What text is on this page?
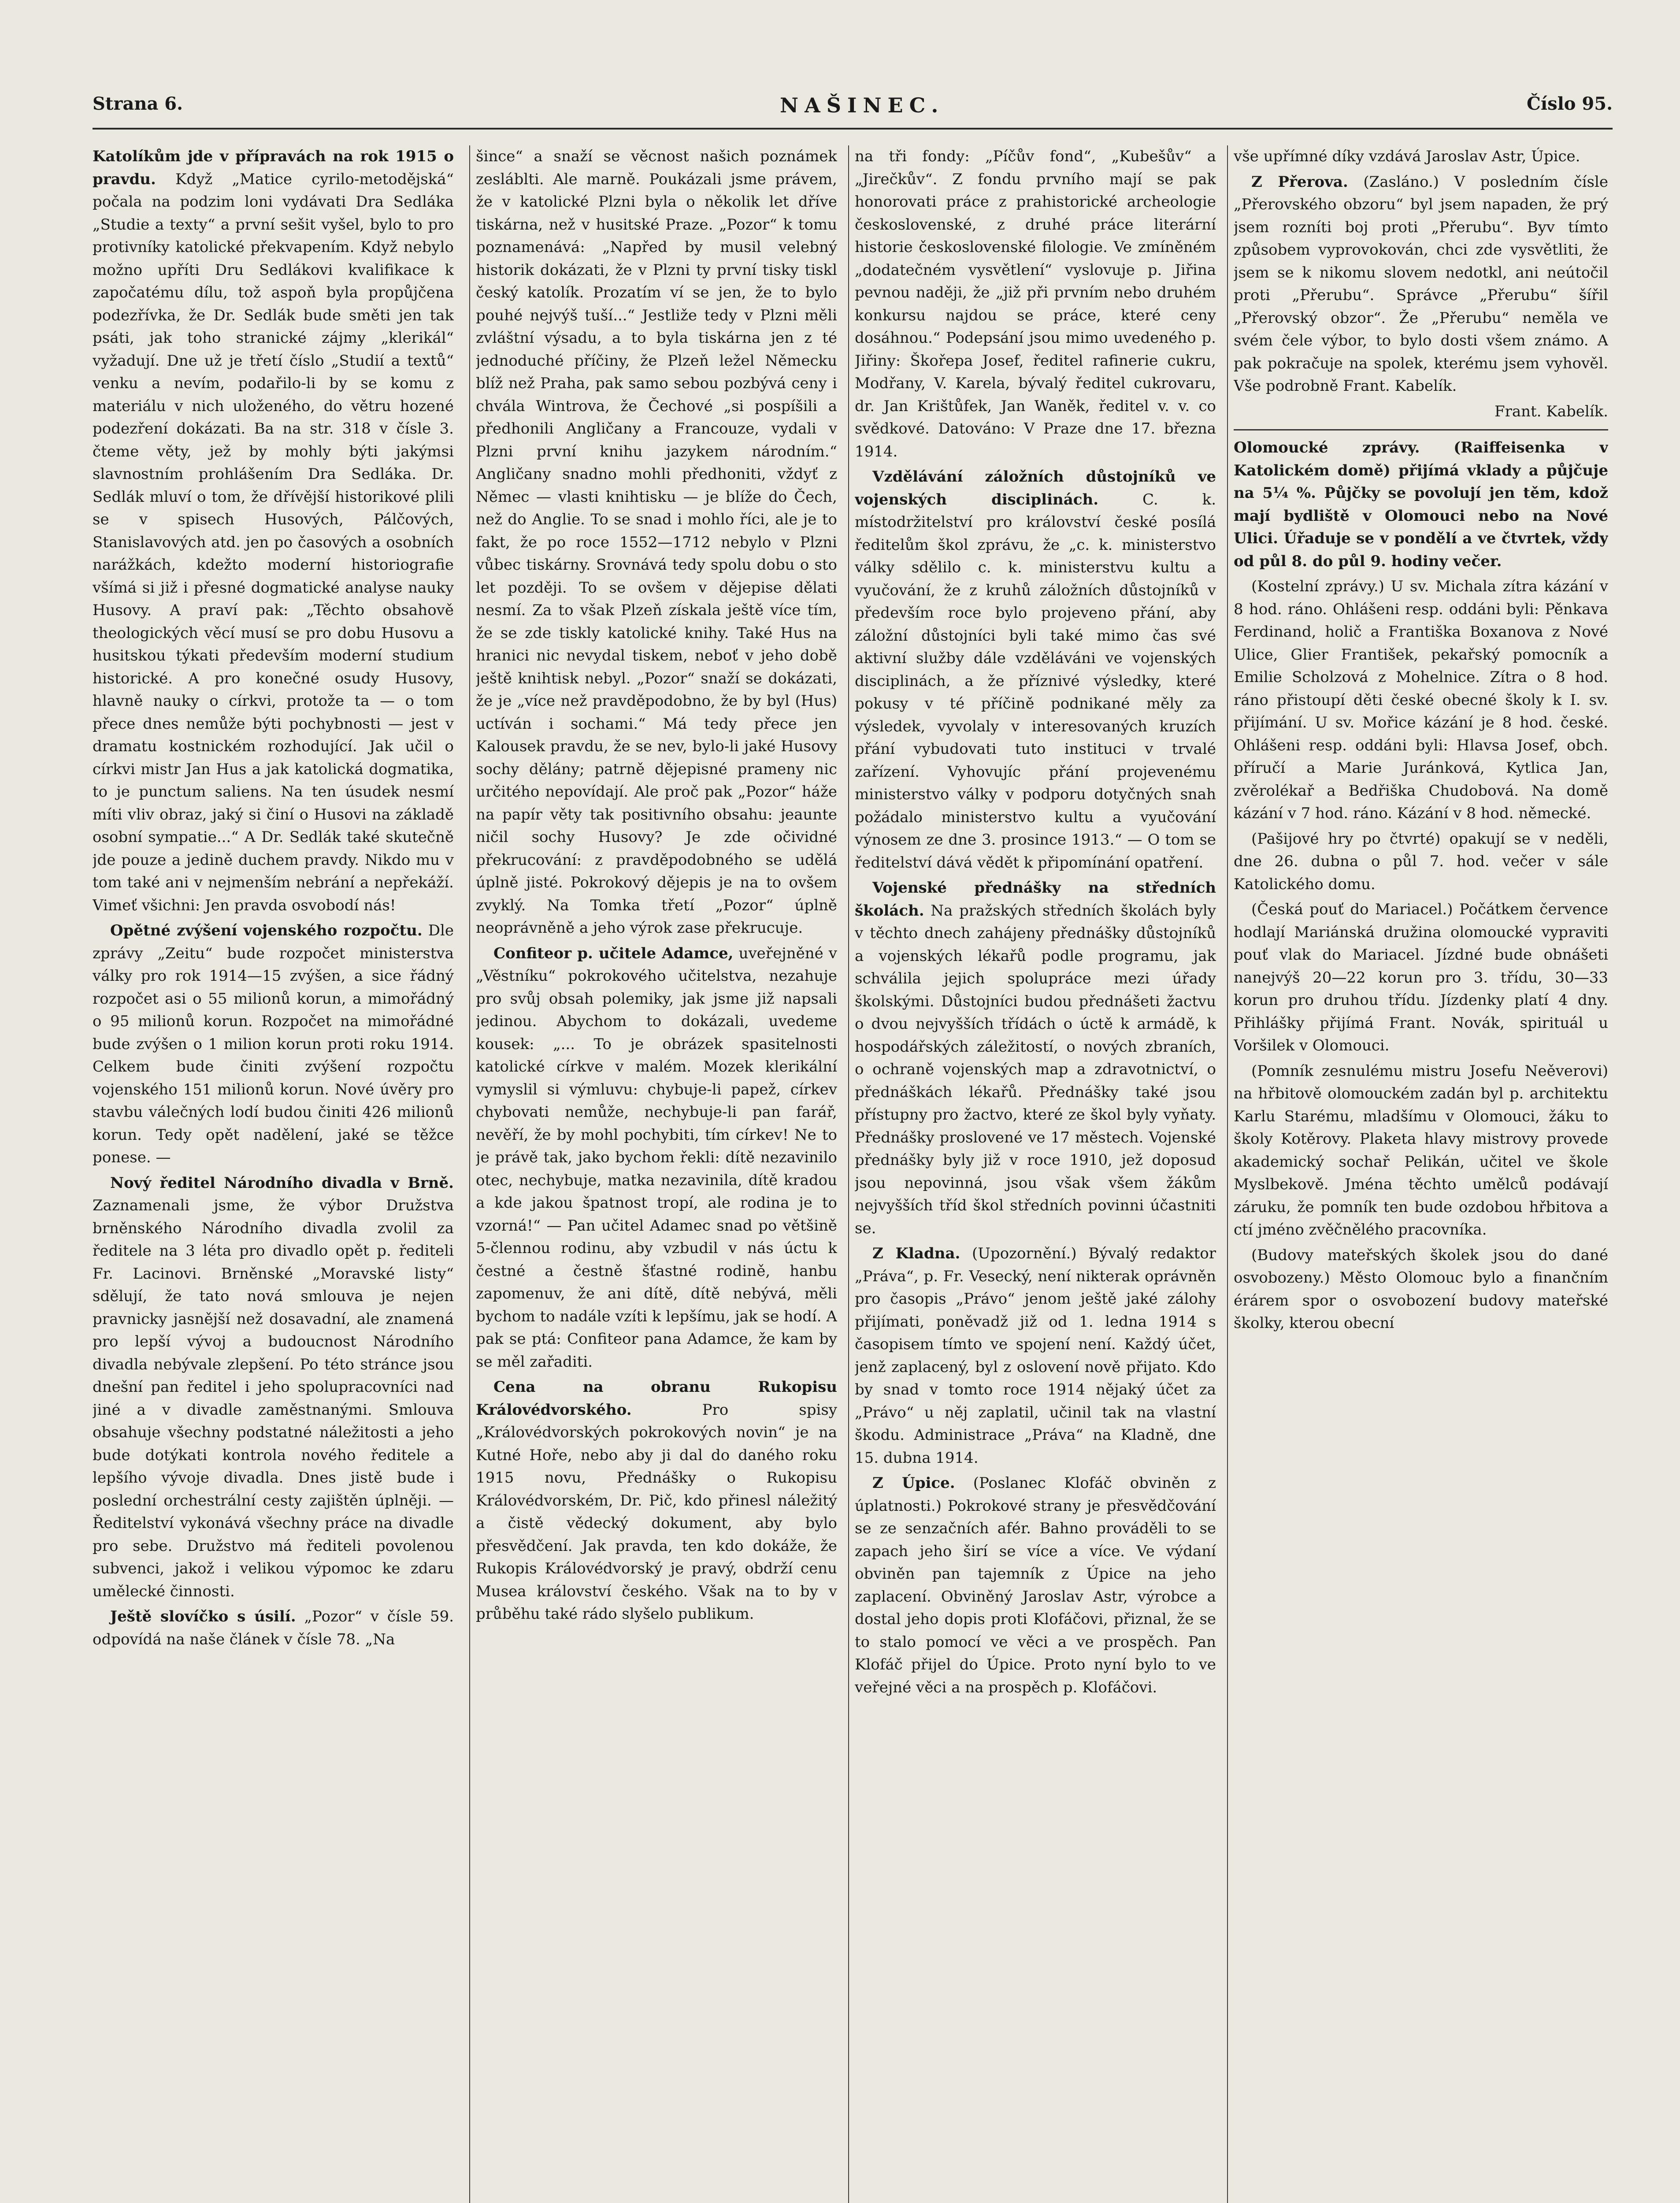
Strana 6.	NAŠINEC.	Číslo 95.

Katolíkům jde v přípravách na rok 1915 o pravdu. Když „Matice cyrilo-metodějská“ počala na podzim loni vydávati Dra Sedláka „Studie a texty“ a první sešit vyšel, bylo to pro protivníky katolické překvapením. Když nebylo možno upříti Dru Sedlákovi kvalifikace k započatému dílu, tož aspoň byla propůjčena podezřívka, že Dr. Sedlák bude směti jen tak psáti, jak toho stranické zájmy „klerikál“ vyžadují. Dne už je třetí číslo „Studií a textů“ venku a nevím, podařilo-li by se komu z materiálu v nich uloženého, do větru hozené podezření dokázati. Ba na str. 318 v čísle 3. čteme věty, jež by mohly býti jakýmsi slavnostním prohlášením Dra Sedláka. Dr. Sedlák mluví o tom, že dřívější historikové plili se v spisech Husových, Pálčových, Stanislavových atd. jen po časových a osobních narážkách, kdežto moderní historiografie všímá si již i přesné dogmatické analyse nauky Husovy. A praví pak: „Těchto obsahově theologických věcí musí se pro dobu Husovu a husitskou týkati především moderní studium historické. A pro konečné osudy Husovy, hlavně nauky o církvi, protože ta — o tom přece dnes nemůže býti pochybnosti — jest v dramatu kostnickém rozhodující. Jak učil o církvi mistr Jan Hus a jak katolická dogmatika, to je punctum saliens. Na ten úsudek nesmí míti vliv obraz, jaký si činí o Husovi na základě osobní sympatie...“ A Dr. Sedlák také skutečně jde pouze a jedině duchem pravdy. Nikdo mu v tom také ani v nejmenším nebrání a nepřekáží. Vimeť všichni: Jen pravda osvobodí nás!

Opětné zvýšení vojenského rozpočtu. Dle zprávy „Zeitu“ bude rozpočet ministerstva války pro rok 1914—15 zvýšen, a sice řádný rozpočet asi o 55 milionů korun, a mimořádný o 95 milionů korun. Rozpočet na mimořádné bude zvýšen o 1 milion korun proti roku 1914. Celkem bude činiti zvýšení rozpočtu vojenského 151 milionů korun. Nové úvěry pro stavbu válečných lodí budou činiti 426 milionů korun. Tedy opět nadělení, jaké se těžce ponese. —

Nový ředitel Národního divadla v Brně. Zaznamenali jsme, že výbor Družstva brněnského Národního divadla zvolil za ředitele na 3 léta pro divadlo opět p. řediteli Fr. Lacinovi. Brněnské „Moravské listy“ sdělují, že tato nová smlouva je nejen pravnicky jasnější než dosavadní, ale znamená pro lepší vývoj a budoucnost Národního divadla nebývale zlepšení. Po této stránce jsou dnešní pan ředitel i jeho spolupracovníci nad jiné a v divadle zaměstnanými. Smlouva obsahuje všechny podstatné náležitosti a jeho bude dotýkati kontrola nového ředitele a lepšího vývoje divadla. Dnes jistě bude i poslední orchestrální cesty zajištěn úplněji. — Ředitelství vykonává všechny práce na divadle pro sebe. Družstvo má řediteli povolenou subvenci, jakož i velikou výpomoc ke zdaru umělecké činnosti.

Ještě slovíčko s úsilí. „Pozor“ v čísle 59. odpovídá na naše článek v čísle 78. „Na

šince“ a snaží se věcnost našich poznámek zesláblti. Ale marně. Poukázali jsme právem, že v katolické Plzni byla o několik let dříve tiskárna, než v husitské Praze. „Pozor“ k tomu poznamenává: „Napřed by musil velebný historik dokázati, že v Plzni ty první tisky tiskl český katolík. Prozatím ví se jen, že to bylo pouhé nejvýš tuší...“ Jestliže tedy v Plzni měli zvláštní výsadu, a to byla tiskárna jen z té jednoduché příčiny, že Plzeň ležel Německu blíž než Praha, pak samo sebou pozbývá ceny i chvála Wintrova, že Čechové „si pospíšili a předhonili Angličany a Francouze, vydali v Plzni první knihu jazykem národním.“ Angličany snadno mohli předhoniti, vždyť z Němec — vlasti knihtisku — je blíže do Čech, než do Anglie. To se snad i mohlo říci, ale je to fakt, že po roce 1552—1712 nebylo v Plzni vůbec tiskárny. Srovnává tedy spolu dobu o sto let později. To se ovšem v dějepise dělati nesmí. Za to však Plzeň získala ještě více tím, že se zde tiskly katolické knihy. Také Hus na hranici nic nevydal tiskem, neboť v jeho době ještě knihtisk nebyl. „Pozor“ snaží se dokázati, že je „více než pravděpodobno, že by byl (Hus) uctíván i sochami.“ Má tedy přece jen Kalousek pravdu, že se nev, bylo-li jaké Husovy sochy dělány; patrně dějepisné prameny nic určitého nepovídají. Ale proč pak „Pozor“ háže na papír věty tak positivního obsahu: jeaunte ničil sochy Husovy? Je zde očividné překrucování: z pravděpodobného se udělá úplně jisté. Pokrokový dějepis je na to ovšem zvyklý. Na Tomka třetí „Pozor“ úplně neoprávněně a jeho výrok zase překrucuje.

Confiteor p. učitele Adamce, uveřejněné v „Věstníku“ pokrokového učitelstva, nezahuje pro svůj obsah polemiky, jak jsme již napsali jedinou. Abychom to dokázali, uvedeme kousek: „... To je obrázek spasitelnosti katolické církve v malém. Mozek klerikální vymyslil si výmluvu: chybuje-li papež, církev chybovati nemůže, nechybuje-li pan farář, nevěří, že by mohl pochybiti, tím církev! Ne to je právě tak, jako bychom řekli: dítě nezavinilo otec, nechybuje, matka nezavinila, dítě kradou a kde jakou špatnost tropí, ale rodina je to vzorná!“ — Pan učitel Adamec snad po většině 5-člennou rodinu, aby vzbudil v nás úctu k čestné a čestně šťastné rodině, hanbu zapomenuv, že ani dítě, dítě nebývá, měli bychom to nadále vzíti k lepšímu, jak se hodí. A pak se ptá: Confiteor pana Adamce, že kam by se měl zařaditi.

Cena na obranu Rukopisu Královédvorského.	Pro spisy „Královédvorských pokrokových novin“ je na Kutné Hoře, nebo aby ji dal do daného roku 1915 novu, Přednášky o Rukopisu Královédvorském, Dr. Pič, kdo přinesl náležitý a čistě vědecký dokument, aby bylo přesvědčení. Jak pravda, ten kdo dokáže, že Rukopis Královédvorský je pravý, obdrží cenu Musea království českého. Však na to by v průběhu také rádo slyšelo publikum.

na tři fondy: „Píčův fond“, „Kubešův“ a „Jirečkův“. Z fondu prvního mají se pak honorovati práce z prahistorické archeologie československé, z druhé práce literární historie československé filologie. Ve zmíněném „dodatečném vysvětlení“ vyslovuje p. Jiřina pevnou naději, že „již při prvním nebo druhém konkursu najdou se práce, které ceny dosáhnou.“ Podepsání jsou mimo uvedeného p. Jiřiny: Škořepa Josef, ředitel rafinerie cukru, Modřany, V. Karela, bývalý ředitel cukrovaru, dr. Jan Krištůfek, Jan Waněk, ředitel v. v. co svědkové. Datováno: V Praze dne 17. března 1914.

Vzdělávání záložních důstojníků ve vojenských disciplinách.	C. k. místodržitelství pro království české posílá ředitelům škol zprávu, že „c. k. ministerstvo války sdělilo c. k. ministerstvu kultu a vyučování, že z kruhů záložních důstojníků v především roce bylo projeveno přání, aby záložní důstojníci byli také mimo čas své aktivní služby dále vzděláváni ve vojenských disciplinách, a že příznivé výsledky, které pokusy v té příčině podnikané měly za výsledek, vyvolaly v interesovaných kruzích přání vybudovati tuto instituci v trvalé zařízení. Vyhovujíc přání projevenému ministerstvo války v podporu dotyčných snah požádalo ministerstvo kultu a vyučování výnosem ze dne 3. prosince 1913.“ — O tom se ředitelství dává vědět k připomínání opatření.

Vojenské přednášky na středních školách. Na pražských středních školách byly v těchto dnech zahájeny přednášky důstojníků a vojenských lékařů podle programu, jak schválila jejich spolupráce mezi úřady školskými. Důstojníci budou přednášeti žactvu o dvou nejvyšších třídách o úctě k armádě, k hospodářských záležitostí, o nových zbraních, o ochraně vojenských map a zdravotnictví, o přednáškách lékařů. Přednášky také jsou přístupny pro žactvo, které ze škol byly vyňaty. Přednášky proslovené ve 17 městech. Vojenské přednášky byly již v roce 1910, jež doposud jsou nepovinná, jsou však všem žákům nejvyšších tříd škol středních povinni účastniti se.

Z Kladna. (Upozornění.) Bývalý redaktor „Práva“, p. Fr. Vesecký, není nikterak oprávněn pro časopis „Právo“ jenom ještě jaké zálohy přijímati, poněvadž již od 1. ledna 1914 s časopisem tímto ve spojení není. Každý účet, jenž zaplacený, byl z oslovení nově přijato. Kdo by snad v tomto roce 1914 nějaký účet za „Právo“ u něj zaplatil, učinil tak na vlastní škodu. Administrace „Práva“ na Kladně, dne 15. dubna 1914.

Z Úpice. (Poslanec Klofáč obviněn z úplatnosti.) Pokrokové strany je přesvědčování se ze senzačních afér. Bahno prováděli to se zapach jeho širí se více a více. Ve výdaní obviněn pan tajemník z Úpice na jeho zaplacení. Obviněný Jaroslav Astr, výrobce a dostal jeho dopis proti Klofáčovi, přiznal, že se to stalo pomocí ve věci a ve prospěch. Pan Klofáč přijel do Úpice. Proto nyní bylo to ve veřejné věci a na prospěch p. Klofáčovi.

vše upřímné díky vzdává Jaroslav Astr, Úpice.

Z Přerova. (Zasláno.) V posledním čísle „Přerovského obzoru“ byl jsem napaden, že prý jsem rozníti boj proti „Přerubu“. Byv tímto způsobem vyprovokován, chci zde vysvětliti, že jsem se k nikomu slovem nedotkl, ani neútočil proti „Přerubu“. Správce „Přerubu“ šířil „Přerovský obzor“. Že „Přerubu“ neměla ve svém čele výbor, to bylo dosti všem známo. A pak pokračuje na spolek, kterému jsem vyhověl. Vše podrobně Frant. Kabelík.

Frant. Kabelík.

Olomoucké zprávy. (Raiffeisenka v Katolickém domě) přijímá vklady a půjčuje na 5¼ %. Půjčky se povolují jen těm, kdož mají bydliště v Olomouci nebo na Nové Ulici. Úřaduje se v pondělí a ve čtvrtek, vždy od půl 8. do půl 9. hodiny večer.

(Kostelní zprávy.) U sv. Michala zítra kázání v 8 hod. ráno. Ohlášeni resp. oddáni byli: Pěnkava Ferdinand, holič a Františka Boxanova z Nové Ulice, Glier František, pekařský pomocník a Emilie Scholzová z Mohelnice. Zítra o 8 hod. ráno přistoupí děti české obecné školy k I. sv. přijímání. U sv. Mořice kázání je 8 hod. české. Ohlášeni resp. oddáni byli: Hlavsa Josef, obch. příručí a Marie Juránková, Kytlica Jan, zvěrolékař a Bedřiška Chudobová. Na domě kázání v 7 hod. ráno. Kázání v 8 hod. německé.

(Pašijové hry po čtvrté) opakují se v neděli, dne 26. dubna o půl 7. hod. večer v sále Katolického domu.

(Česká pouť do Mariacel.) Počátkem července hodlají Mariánská družina olomoucké vypraviti pouť vlak do Mariacel. Jízdné bude obnášeti nanejvýš 20—22 korun pro 3. třídu, 30—33 korun pro druhou třídu. Jízdenky platí 4 dny. Přihlášky přijímá Frant. Novák, spirituál u Voršilek v Olomouci.

(Pomník zesnulému mistru Josefu Neěverovi) na hřbitově olomouckém zadán byl p. architektu Karlu Starému, mladšímu v Olomouci, žáku to školy Kotěrovy. Plaketa hlavy mistrovy provede akademický sochař Pelikán, učitel ve škole Myslbekově. Jména těchto umělců podávají záruku, že pomník ten bude ozdobou hřbitova a ctí jméno zvěčnělého pracovníka.

(Budovy mateřských školek jsou do dané osvobozeny.) Město Olomouc bylo a finančním érárem spor o osvobození budovy mateřské školky, kterou obecní
